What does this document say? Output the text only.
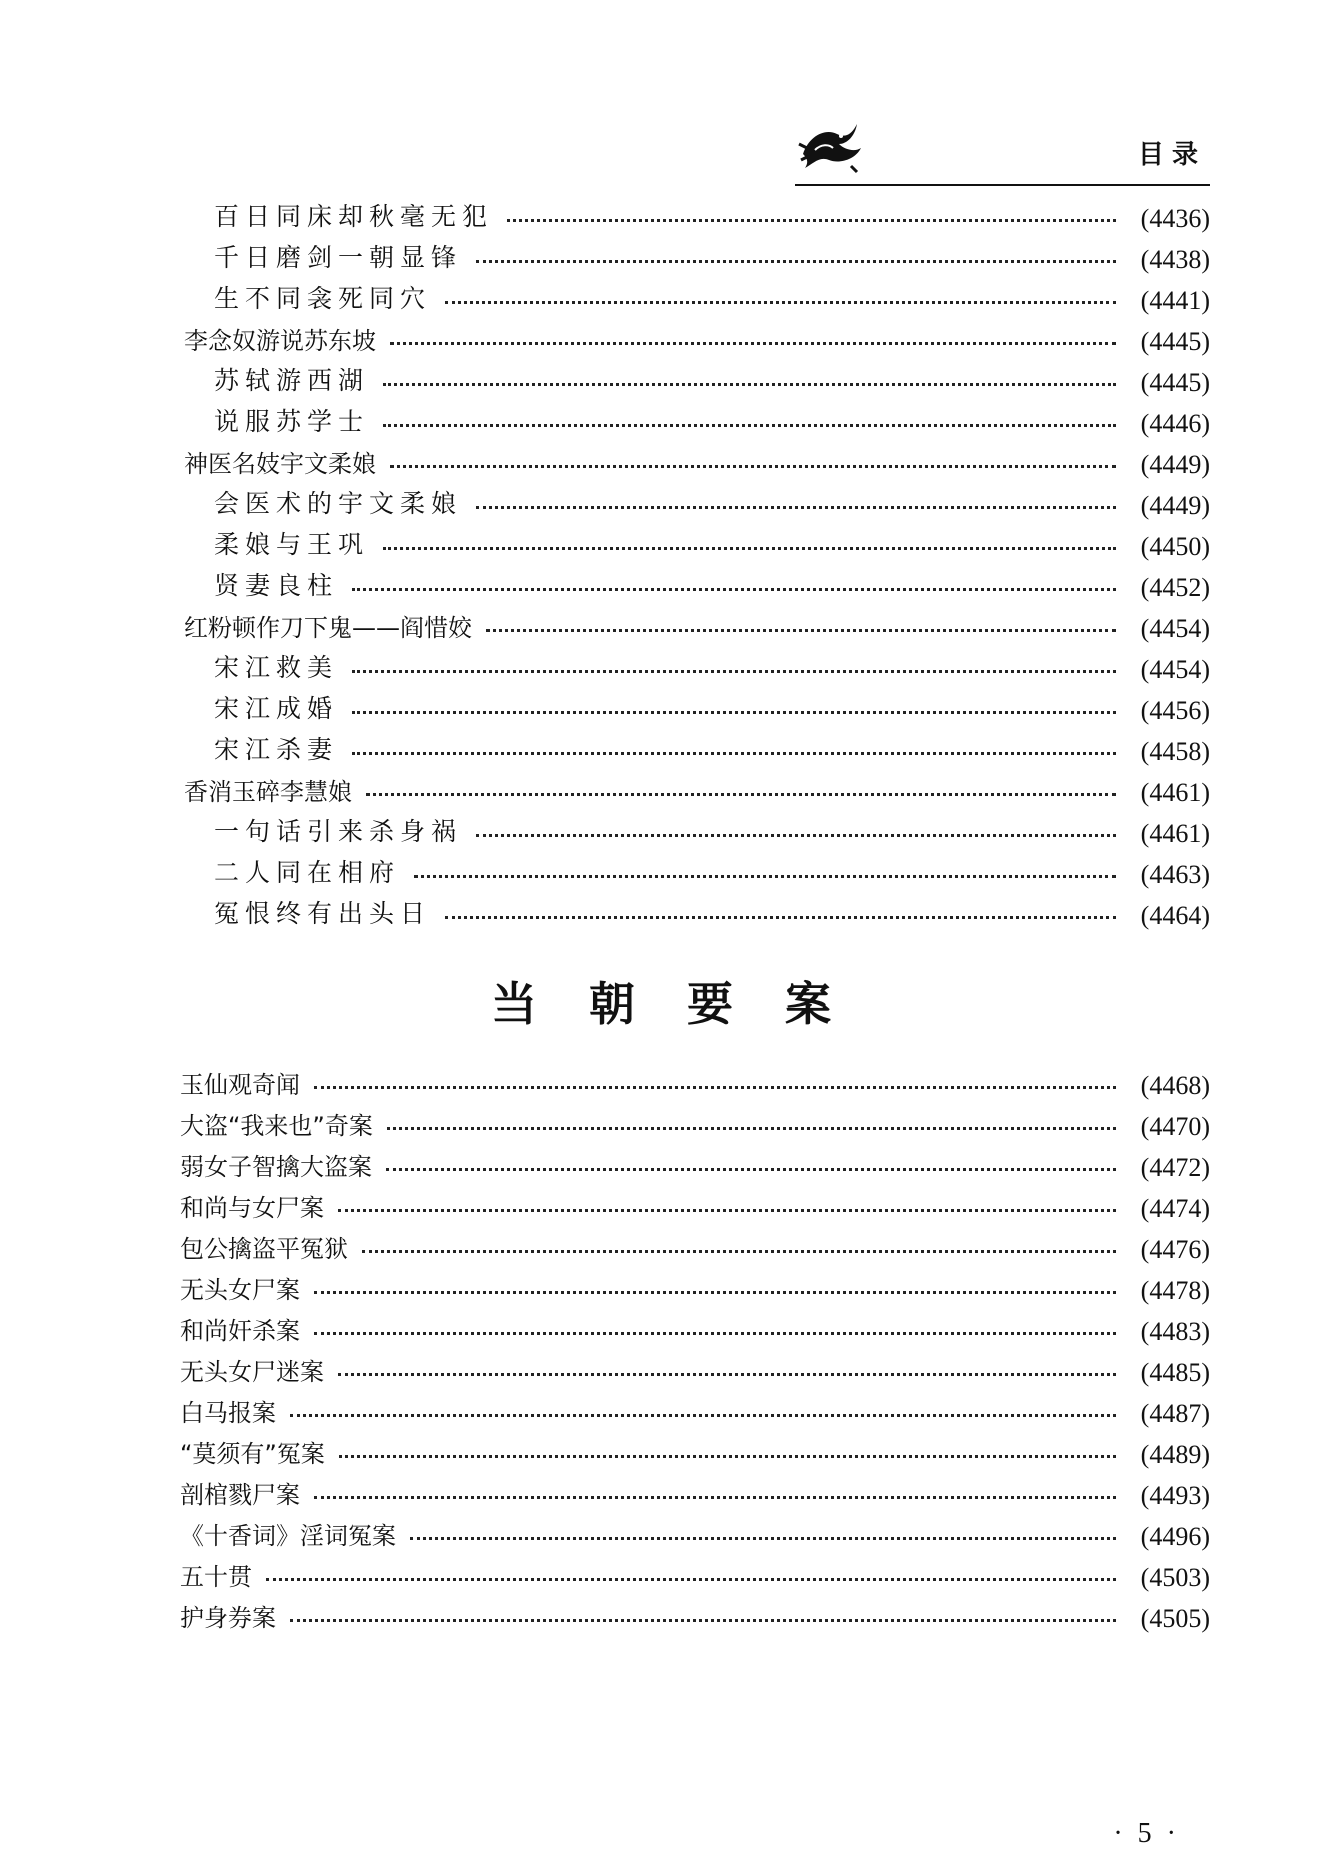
目录
百日同床却秋毫无犯	(4436)
千日磨剑一朝显锋	(4438)
生不同衾死同穴	(4441)
李念奴游说苏东坡	(4445)
苏轼游西湖	(4445)
说服苏学士	(4446)
神医名妓宇文柔娘	(4449)
会医术的宇文柔娘	(4449)
柔娘与王巩	(4450)
贤妻良柱	(4452)
红粉顿作刀下鬼——阎惜姣	(4454)
宋江救美	(4454)
宋江成婚	(4456)
宋江杀妻	(4458)
香消玉碎李慧娘	(4461)
一句话引来杀身祸	(4461)
二人同在相府	(4463)
冤恨终有出头日	(4464)
当朝要案
玉仙观奇闻	(4468)
大盗“我来也”奇案	(4470)
弱女子智擒大盗案	(4472)
和尚与女尸案	(4474)
包公擒盗平冤狱	(4476)
无头女尸案	(4478)
和尚奸杀案	(4483)
无头女尸迷案	(4485)
白马报案	(4487)
“莫须有”冤案	(4489)
剖棺戮尸案	(4493)
《十香词》淫词冤案	(4496)
五十贯	(4503)
护身券案	(4505)
· 5 ·
